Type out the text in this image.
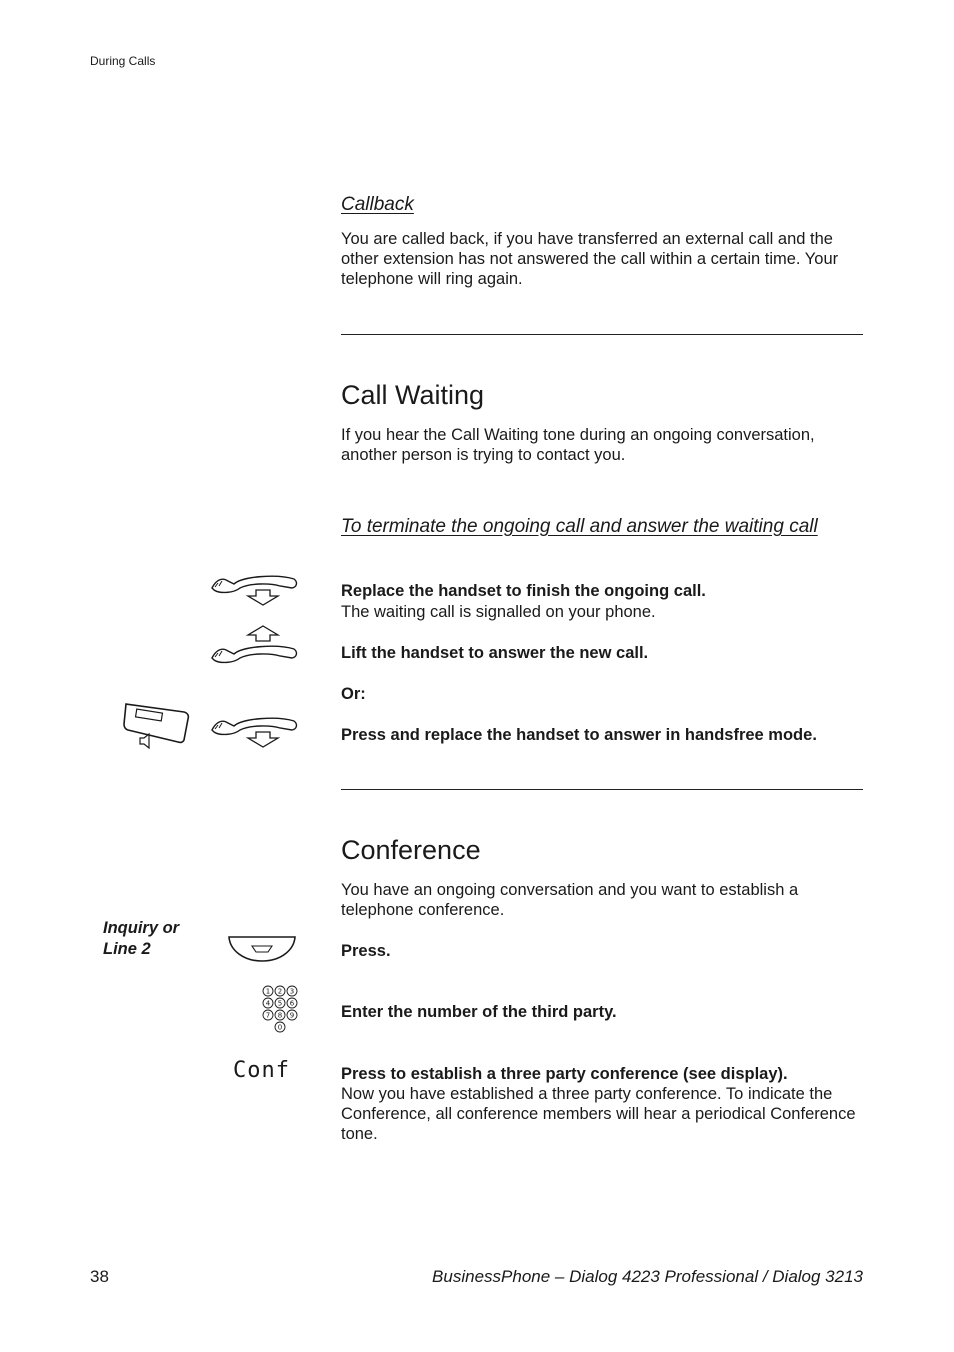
During Calls
Callback

You are called back, if you have transferred an external call and the other extension has not answered the call within a certain time. Your telephone will ring again.

Call Waiting

If you hear the Call Waiting tone during an ongoing conversation, another person is trying to contact you.

To terminate the ongoing call and answer the waiting call

Replace the handset to finish the ongoing call.

The waiting call is signalled on your phone.

Lift the handset to answer the new call.

Or:

Press and replace the handset to answer in handsfree mode.

Conference

You have an ongoing conversation and you want to establish a telephone conference.

Inquiry or
Line 2	Press.

1 2 3
4 5 6
7 8 9
0

Enter the number of the third party.

Conf	Press to establish a three party conference (see display).

Now you have established a three party conference. To indicate the Conference, all conference members will hear a periodical Conference tone.

38	BusinessPhone – Dialog 4223 Professional / Dialog 3213
